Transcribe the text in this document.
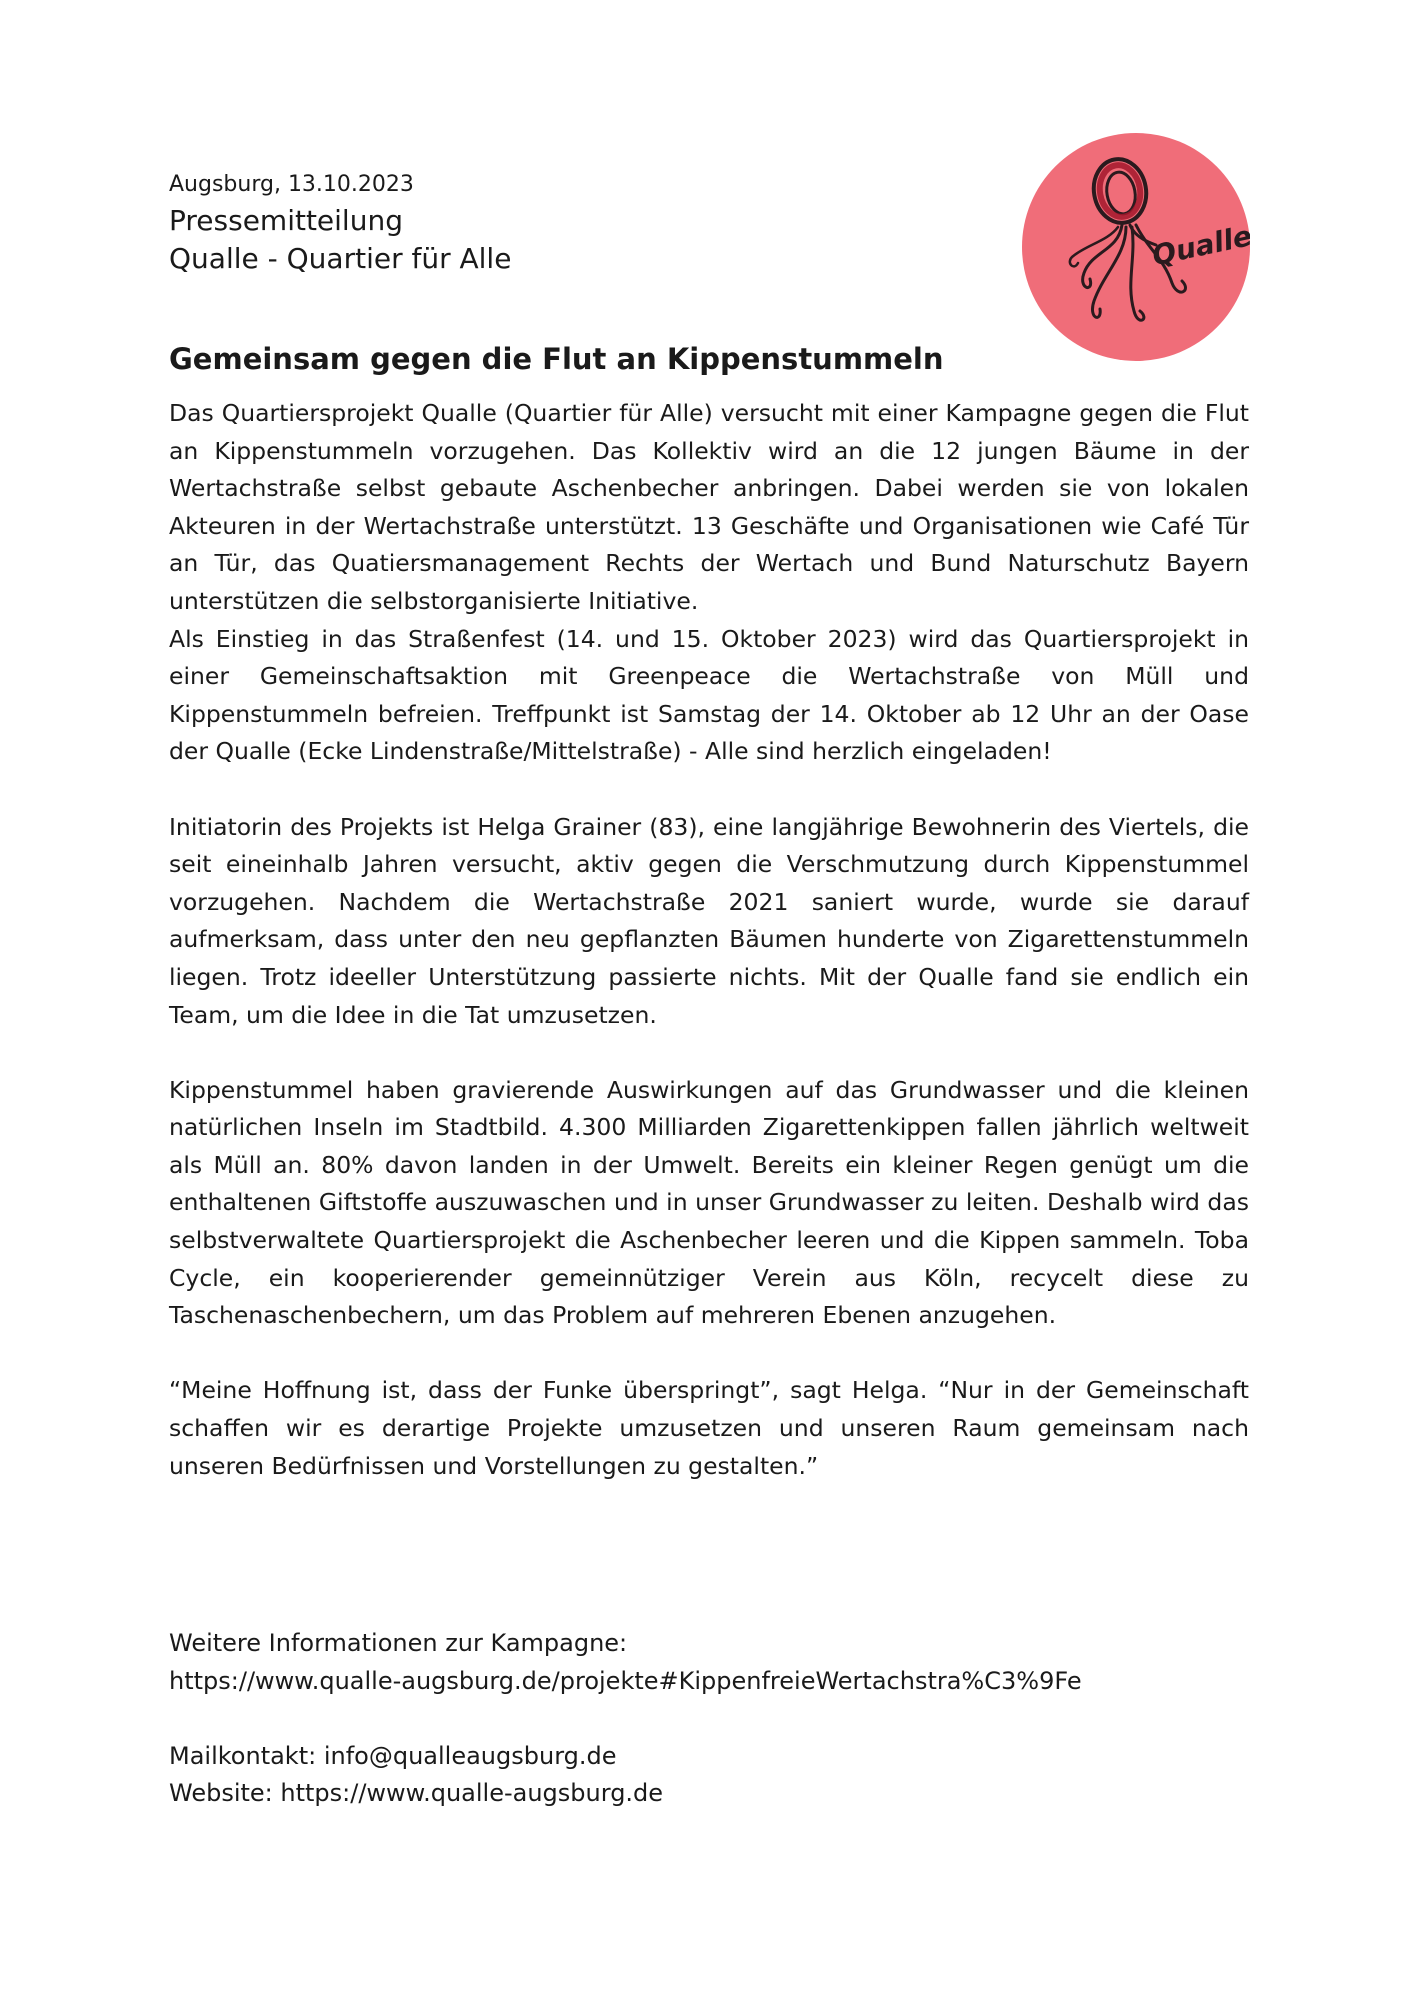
Augsburg, 13.10.2023
Pressemitteilung
Qualle - Quartier für Alle	Qualle
Gemeinsam gegen die Flut an Kippenstummeln

Das Quartiersprojekt Qualle (Quartier für Alle) versucht mit einer Kampagne gegen die Flut an Kippenstummeln vorzugehen. Das Kollektiv wird an die 12 jungen Bäume in der Wertachstraße selbst gebaute Aschenbecher anbringen. Dabei werden sie von lokalen Akteuren in der Wertachstraße unterstützt. 13 Geschäfte und Organisationen wie Café Tür an Tür, das Quatiersmanagement Rechts der Wertach und Bund Naturschutz Bayern unterstützen die selbstorganisierte Initiative.

Als Einstieg in das Straßenfest (14. und 15. Oktober 2023) wird das Quartiersprojekt in einer Gemeinschaftsaktion mit Greenpeace die Wertachstraße von Müll und Kippenstummeln befreien. Treffpunkt ist Samstag der 14. Oktober ab 12 Uhr an der Oase der Qualle (Ecke Lindenstraße/Mittelstraße) - Alle sind herzlich eingeladen!

Initiatorin des Projekts ist Helga Grainer (83), eine langjährige Bewohnerin des Viertels, die seit eineinhalb Jahren versucht, aktiv gegen die Verschmutzung durch Kippenstummel vorzugehen. Nachdem die Wertachstraße 2021 saniert wurde, wurde sie darauf aufmerksam, dass unter den neu gepflanzten Bäumen hunderte von Zigarettenstummeln liegen. Trotz ideeller Unterstützung passierte nichts. Mit der Qualle fand sie endlich ein Team, um die Idee in die Tat umzusetzen.

Kippenstummel haben gravierende Auswirkungen auf das Grundwasser und die kleinen natürlichen Inseln im Stadtbild. 4.300 Milliarden Zigarettenkippen fallen jährlich weltweit als Müll an. 80% davon landen in der Umwelt. Bereits ein kleiner Regen genügt um die enthaltenen Giftstoffe auszuwaschen und in unser Grundwasser zu leiten. Deshalb wird das selbstverwaltete Quartiersprojekt die Aschenbecher leeren und die Kippen sammeln. Toba Cycle, ein kooperierender gemeinnütziger Verein aus Köln, recycelt diese zu Taschenaschenbechern, um das Problem auf mehreren Ebenen anzugehen.

“Meine Hoffnung ist, dass der Funke überspringt”, sagt Helga. “Nur in der Gemeinschaft schaffen wir es derartige Projekte umzusetzen und unseren Raum gemeinsam nach unseren Bedürfnissen und Vorstellungen zu gestalten.”

Weitere Informationen zur Kampagne:
https://www.qualle-augsburg.de/projekte#KippenfreieWertachstra%C3%9Fe
Mailkontakt: info@qualleaugsburg.de
Website: https://www.qualle-augsburg.de
